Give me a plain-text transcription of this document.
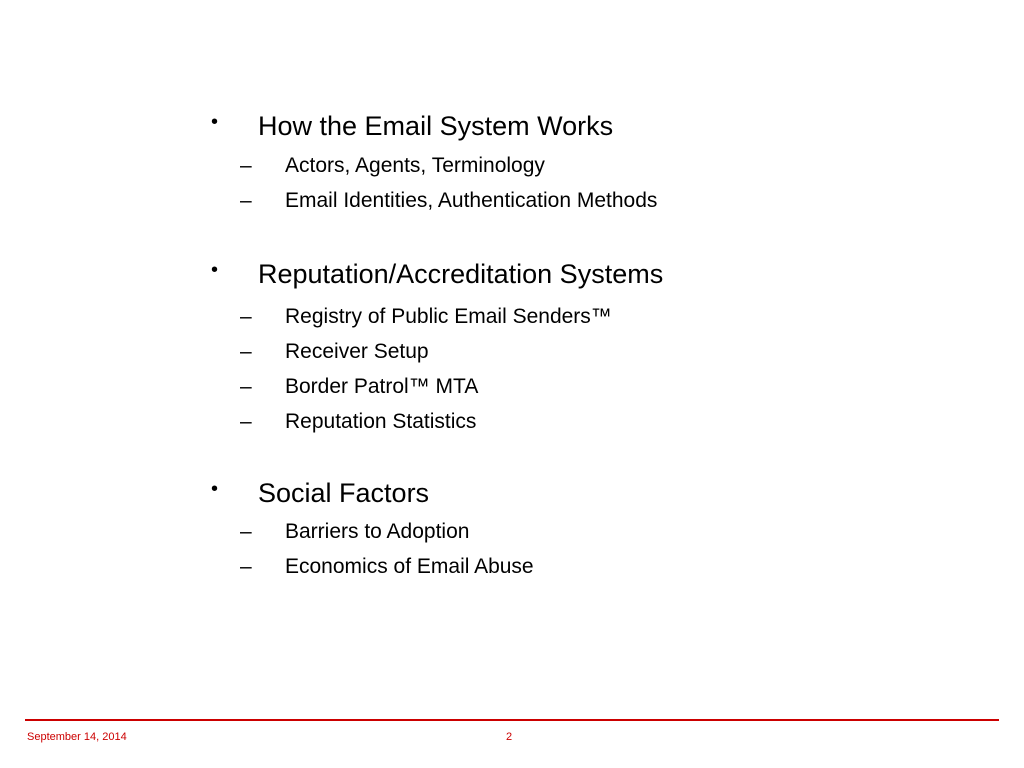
• How the Email System Works
– Actors, Agents, Terminology
– Email Identities, Authentication Methods
• Reputation/Accreditation Systems
– Registry of Public Email Senders™
– Receiver Setup
– Border Patrol™ MTA
– Reputation Statistics
• Social Factors
– Barriers to Adoption
– Economics of Email Abuse
September 14, 2014	2
